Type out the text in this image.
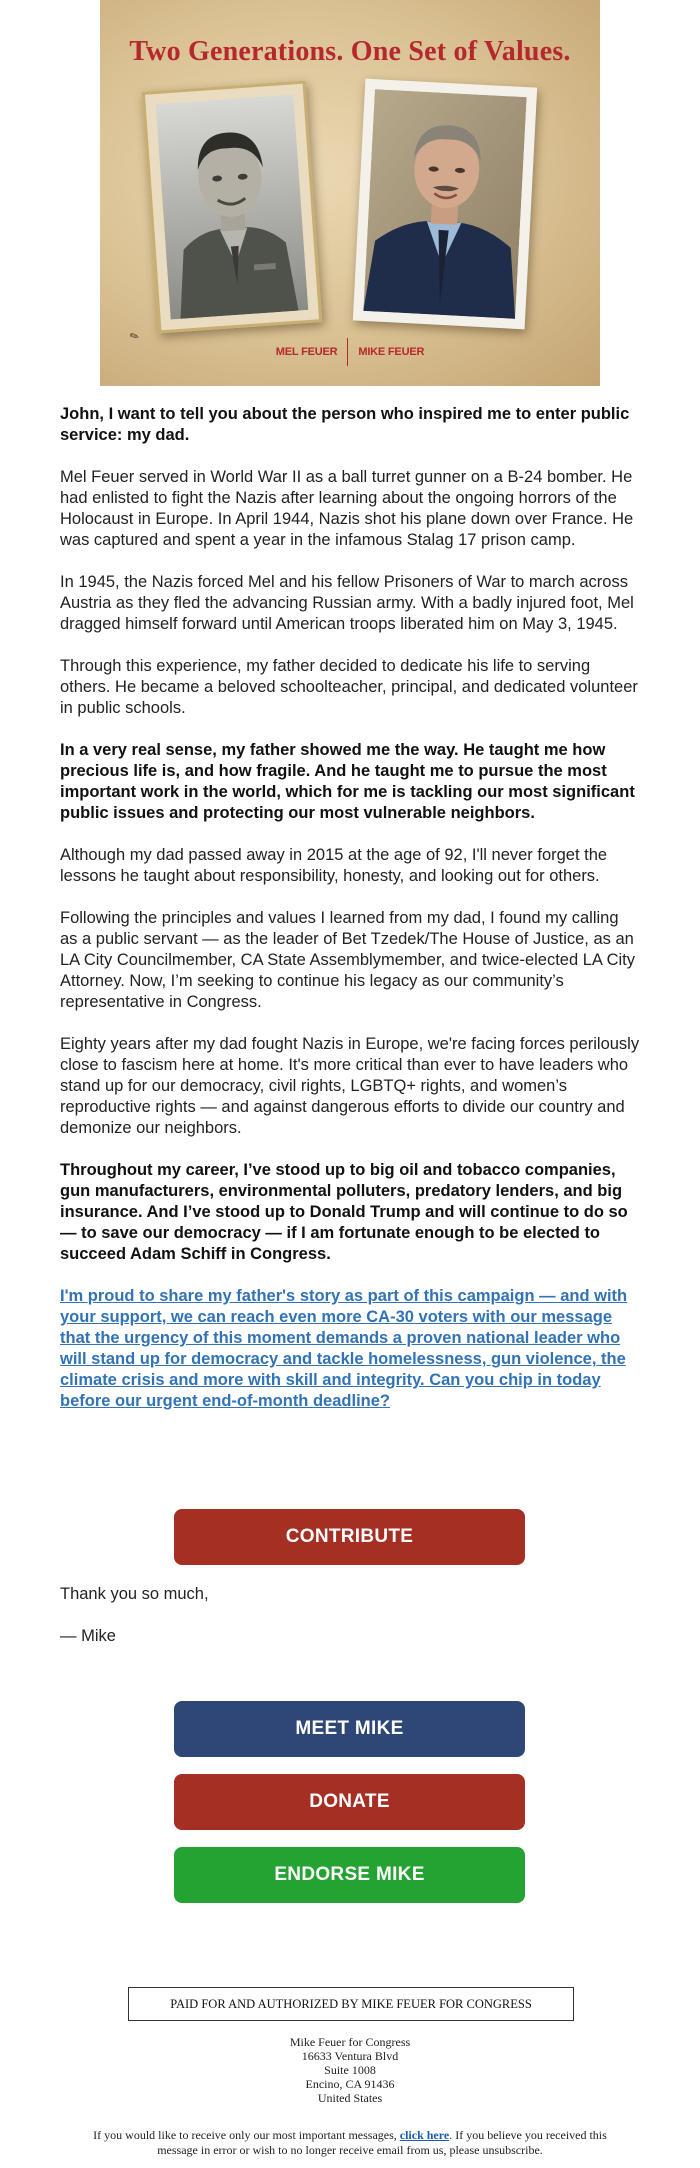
Two Generations. One Set of Values.
✎
MEL FEUER MIKE FEUER

John, I want to tell you about the person who inspired me to enter public service: my dad.

Mel Feuer served in World War II as a ball turret gunner on a B-24 bomber. He had enlisted to fight the Nazis after learning about the ongoing horrors of the Holocaust in Europe. In April 1944, Nazis shot his plane down over France. He was captured and spent a year in the infamous Stalag 17 prison camp.

In 1945, the Nazis forced Mel and his fellow Prisoners of War to march across Austria as they fled the advancing Russian army. With a badly injured foot, Mel dragged himself forward until American troops liberated him on May 3, 1945.

Through this experience, my father decided to dedicate his life to serving others. He became a beloved schoolteacher, principal, and dedicated volunteer in public schools.

In a very real sense, my father showed me the way. He taught me how precious life is, and how fragile. And he taught me to pursue the most important work in the world, which for me is tackling our most significant public issues and protecting our most vulnerable neighbors.

Although my dad passed away in 2015 at the age of 92, I'll never forget the lessons he taught about responsibility, honesty, and looking out for others.

Following the principles and values I learned from my dad, I found my calling as a public servant — as the leader of Bet Tzedek/The House of Justice, as an LA City Councilmember, CA State Assemblymember, and twice-elected LA City Attorney. Now, I’m seeking to continue his legacy as our community’s representative in Congress.

Eighty years after my dad fought Nazis in Europe, we're facing forces perilously close to fascism here at home. It's more critical than ever to have leaders who stand up for our democracy, civil rights, LGBTQ+ rights, and women’s reproductive rights — and against dangerous efforts to divide our country and demonize our neighbors.

Throughout my career, I’ve stood up to big oil and tobacco companies, gun manufacturers, environmental polluters, predatory lenders, and big insurance. And I’ve stood up to Donald Trump and will continue to do so — to save our democracy — if I am fortunate enough to be elected to succeed Adam Schiff in Congress.

I'm proud to share my father's story as part of this campaign — and with your support, we can reach even more CA-30 voters with our message that the urgency of this moment demands a proven national leader who will stand up for democracy and tackle homelessness, gun violence, the climate crisis and more with skill and integrity. Can you chip in today before our urgent end-of-month deadline?

CONTRIBUTE

Thank you so much,

— Mike

MEET MIKE
DONATE
ENDORSE MIKE
PAID FOR AND AUTHORIZED BY MIKE FEUER FOR CONGRESS
Mike Feuer for Congress
16633 Ventura Blvd
Suite 1008
Encino, CA 91436
United States
If you would like to receive only our most important messages, click here. If you believe you received this message in error or wish to no longer receive email from us, please unsubscribe.
